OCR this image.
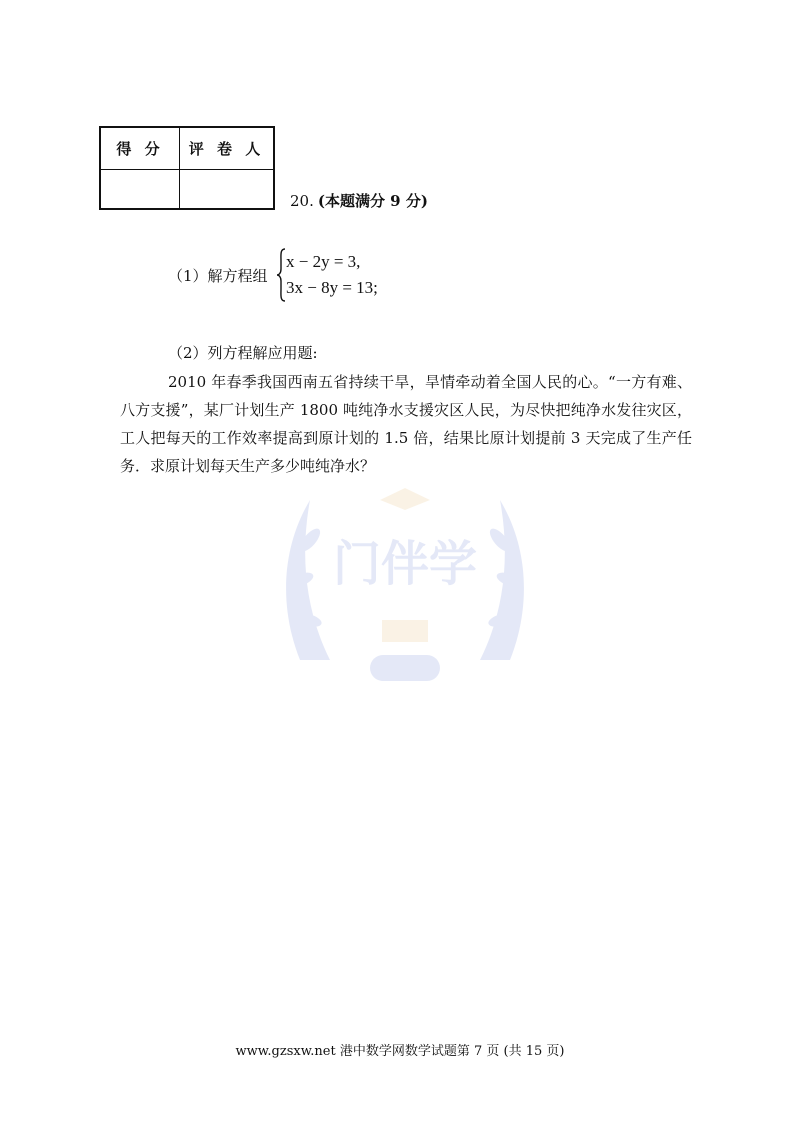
得 分	评 卷 人
20. (本题满分 9 分)
（1）解方程组
x − 2y = 3,
3x − 8y = 13;
（2）列方程解应用题:
2010 年春季我国西南五省持续干旱，旱情牵动着全国人民的心。“一方有难、八方支援”，某厂计划生产 1800 吨纯净水支援灾区人民，为尽快把纯净水发往灾区，工人把每天的工作效率提高到原计划的 1.5 倍，结果比原计划提前 3 天完成了生产任务．求原计划每天生产多少吨纯净水？
门伴学
www.gzsxw.net 港中数学网数学试题第 7 页 (共 15 页)
